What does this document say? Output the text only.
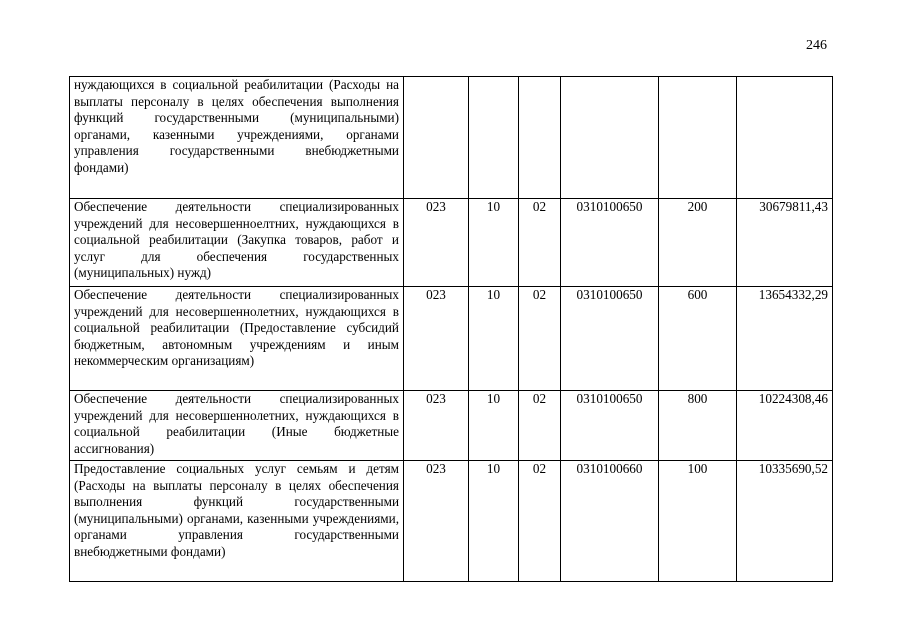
246
нуждающихся в социальной реабилитации (Расходы на выплаты персоналу в целях обеспечения выполнения функций государственными (муниципальными) органами, казенными учреждениями, органами управления государственными внебюджетными фондами)						
Обеспечение деятельности специализированных учреждений для несовершенноелтних, нуждающихся в социальной реабилитации (Закупка товаров, работ и услуг для обеспечения государственных (муниципальных) нужд)	023	10	02	0310100650	200	30679811,43
Обеспечение деятельности специализированных учреждений для несовершеннолетних, нуждающихся в социальной реабилитации (Предоставление субсидий бюджетным, автономным учреждениям и иным некоммерческим организациям)	023	10	02	0310100650	600	13654332,29
Обеспечение деятельности специализированных учреждений для несовершеннолетних, нуждающихся в социальной реабилитации (Иные бюджетные ассигнования)	023	10	02	0310100650	800	10224308,46
Предоставление социальных услуг семьям и детям (Расходы на выплаты персоналу в целях обеспечения выполнения функций государственными (муниципальными) органами, казенными учреждениями, органами управления государственными внебюджетными фондами)	023	10	02	0310100660	100	10335690,52
